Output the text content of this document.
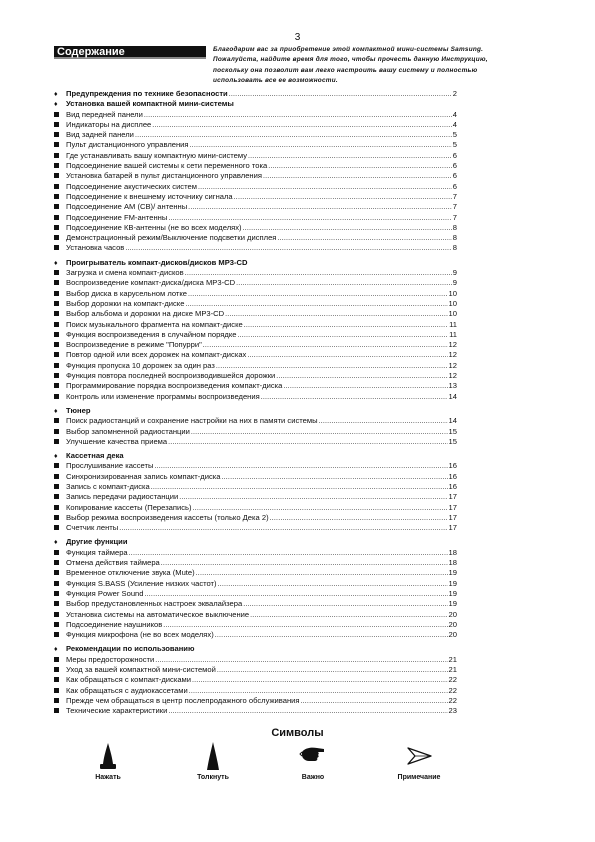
3
Содержание	Благодарим вас за приобретение этой компактной мини-системы Samsung.
Пожалуйста, найдите время для того, чтобы прочесть данную Инструкцию,
поскольку она позволит вам легко настроить вашу систему и полностью
использовать все ее возможности.
♦	Предупреждения по технике безопасности .....	2
♦	Установка вашей компактной мини-системы
Вид передней панели .....	4
Индикаторы на дисплее .....	4
Вид задней панели .....	5
Пульт дистанционного управления .....	5
Где устанавливать вашу компактную мини-систему .....	6
Подсоединение вашей системы к сети переменного тока .....	6
Установка батарей в пульт дистанционного управления .....	6
Подсоединение акустических систем .....	6
Подсоединение к внешнему источнику сигнала .....	7
Подсоединение AM (СВ)/ антенны .....	7
Подсоединение FM-антенны .....	7
Подсоединение КВ-антенны (не во всех моделях) .....	8
Демонстрационный режим/Выключение подсветки дисплея .....	8
Установка часов .....	8
♦	Проигрыватель компакт-дисков/дисков MP3-CD
Загрузка и смена компакт-дисков .....	9
Воспроизведение компакт-диска/диска MP3-CD .....	9
Выбор диска в карусельном лотке .....	10
Выбор дорожки на компакт-диске .....	10
Выбор альбома и дорожки на диске MP3-CD .....	10
Поиск музыкального фрагмента на компакт-диске .....	11
Функция воспроизведения в случайном порядке .....	11
Воспроизведение в режиме "Попурри" .....	12
Повтор одной или всех дорожек на компакт-дисках .....	12
Функция пропуска 10 дорожек за один раз .....	12
Функция повтора последней воспроизводившейся дорожки .....	12
Программирование порядка воспроизведения компакт-диска .....	13
Контроль или изменение программы воспроизведения .....	14
♦	Тюнер
Поиск радиостанций и сохранение настройки на них в памяти системы .....	14
Выбор запомненной радиостанции .....	15
Улучшение качества приема .....	15
♦	Кассетная дека
Прослушивание кассеты .....	16
Синхронизированная запись компакт-диска .....	16
Запись с компакт-диска .....	16
Запись передачи радиостанции .....	17
Копирование кассеты (Перезапись) .....	17
Выбор режима воспроизведения кассеты (только Дека 2) .....	17
Счетчик ленты .....	17
♦	Другие функции
Функция таймера .....	18
Отмена действия таймера .....	18
Временное отключение звука (Mute) .....	19
Функция S.BASS (Усиление низких частот) .....	19
Функция Power Sound .....	19
Выбор предустановленных настроек эквалайзера .....	19
Установка системы на автоматическое выключение .....	20
Подсоединение наушников .....	20
Функция микрофона (не во всех моделях) .....	20
♦	Рекомендации по использованию
Меры предосторожности .....	21
Уход за вашей компактной мини-системой .....	21
Как обращаться с компакт-дисками .....	22
Как обращаться с аудиокассетами .....	22
Прежде чем обращаться в центр послепродажного обслуживания .....	22
Технические характеристики .....	23
Символы
Нажать	Толкнуть	Важно	Примечание
